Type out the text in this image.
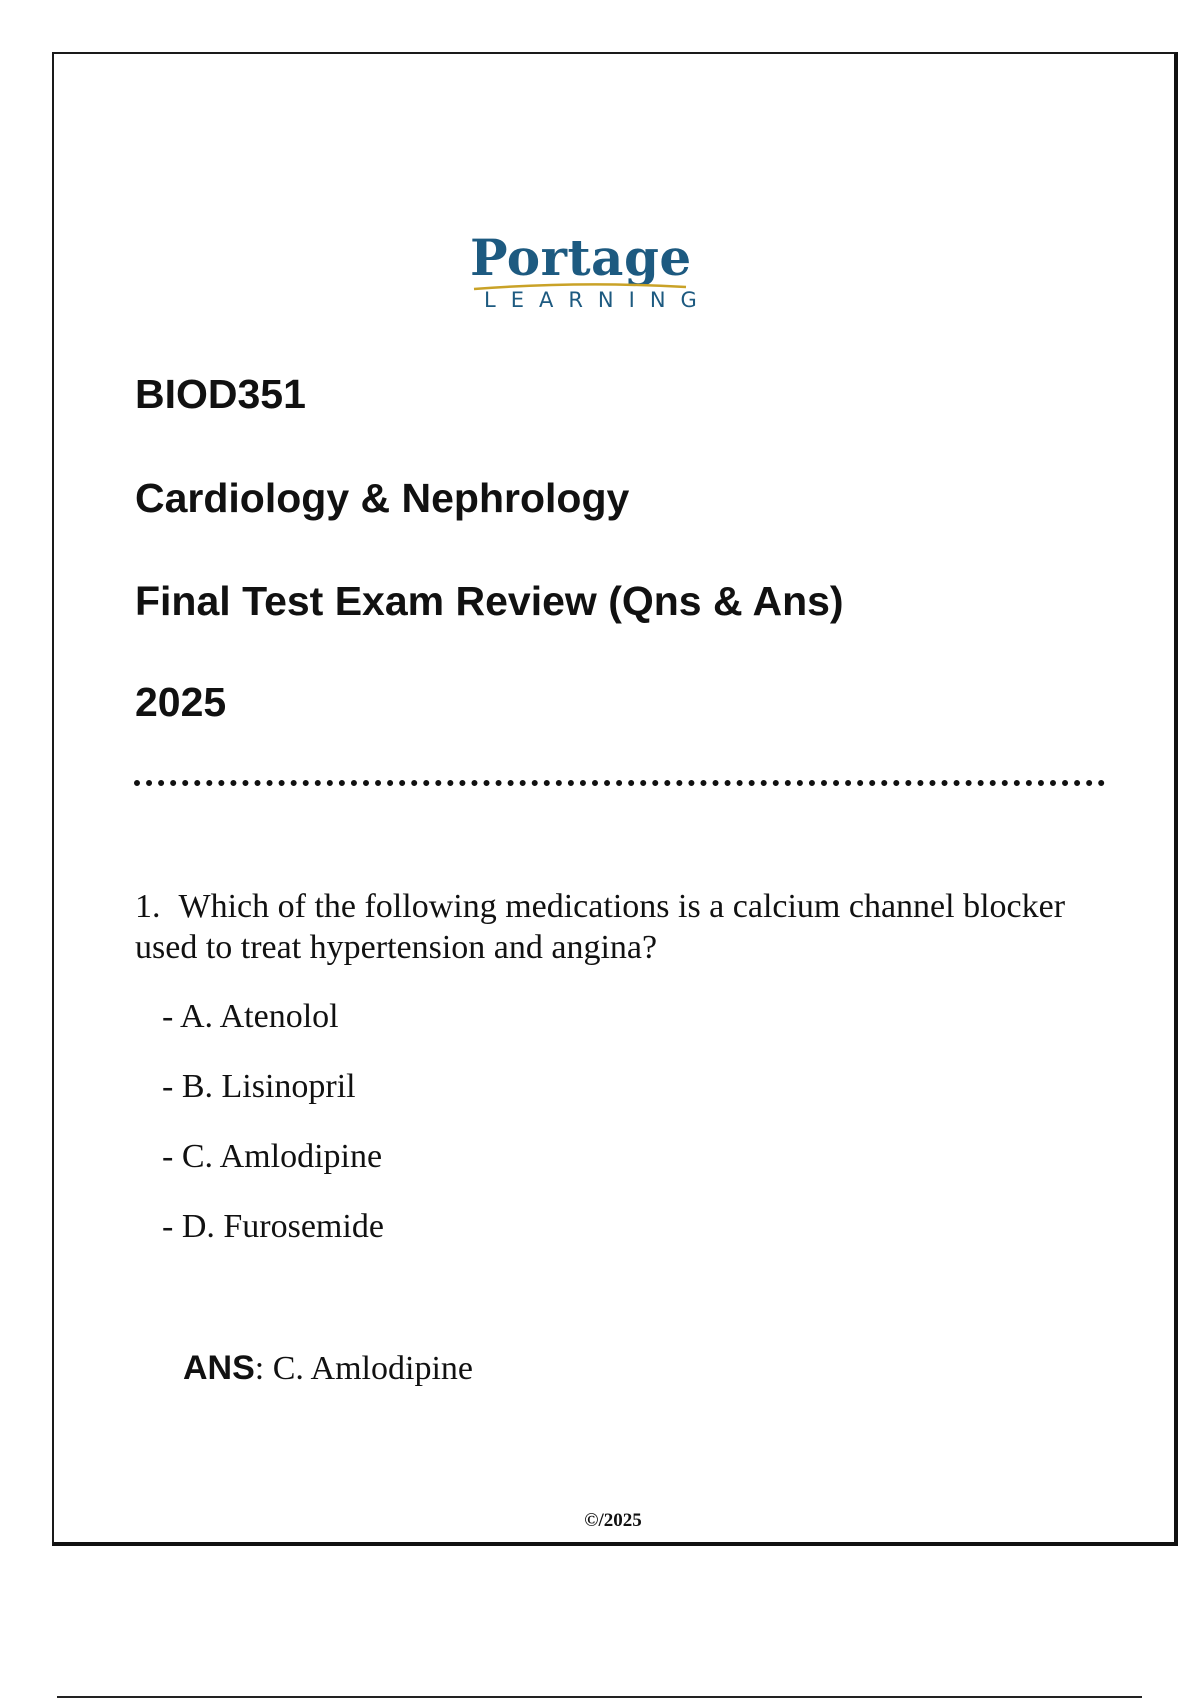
Portage
LEARNING
BIOD351
Cardiology & Nephrology
Final Test Exam Review (Qns & Ans)
2025

1. Which of the following medications is a calcium channel blocker used to treat hypertension and angina?

- A. Atenolol
- B. Lisinopril
- C. Amlodipine
- D. Furosemide

ANS: C. Amlodipine

©/2025
